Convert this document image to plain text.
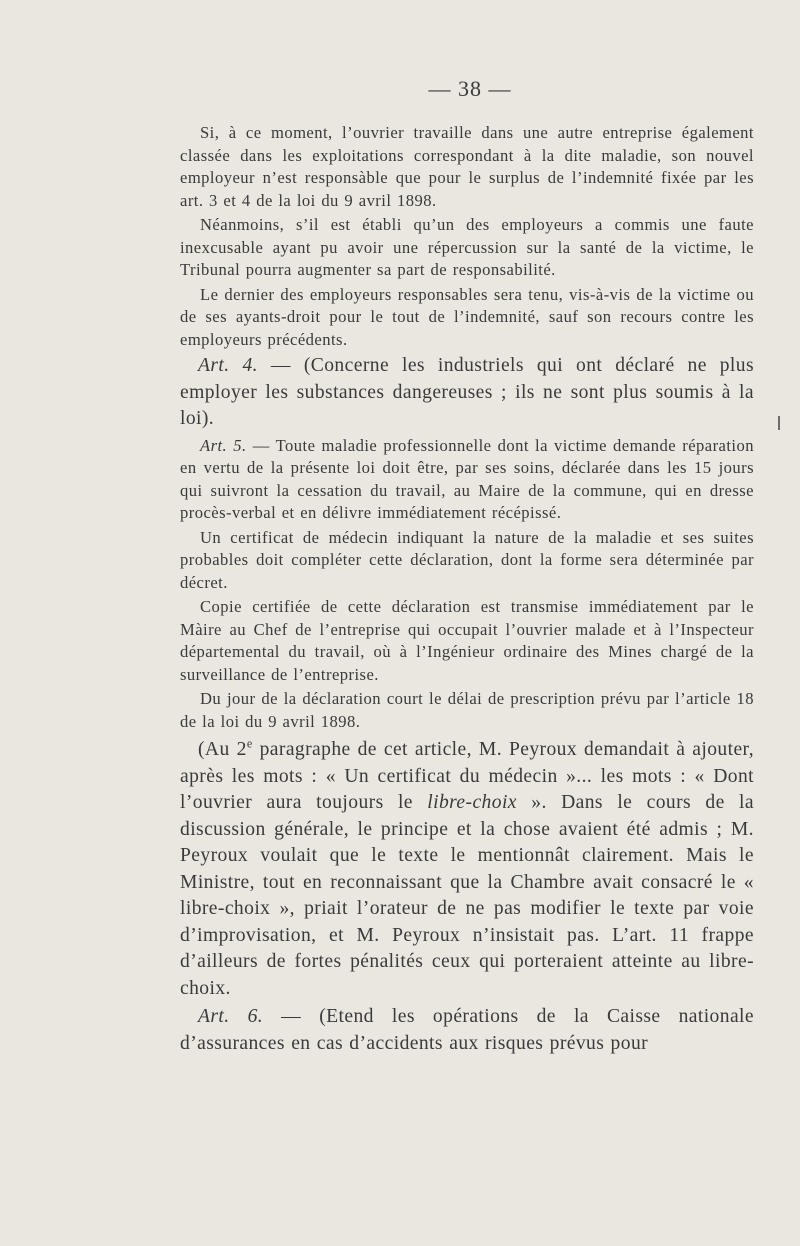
— 38 —

Si, à ce moment, l’ouvrier travaille dans une autre entreprise également classée dans les exploitations correspondant à la dite maladie, son nouvel employeur n’est responsàble que pour le surplus de l’indemnité fixée par les art. 3 et 4 de la loi du 9 avril 1898.

Néanmoins, s’il est établi qu’un des employeurs a commis une faute inexcusable ayant pu avoir une répercussion sur la santé de la victime, le Tribunal pourra augmenter sa part de responsabilité.

Le dernier des employeurs responsables sera tenu, vis-à-vis de la victime ou de ses ayants-droit pour le tout de l’indemnité, sauf son recours contre les employeurs précédents.

Art. 4. — (Concerne les industriels qui ont déclaré ne plus employer les substances dangereuses ; ils ne sont plus soumis à la loi).

Art. 5. — Toute maladie professionnelle dont la victime demande réparation en vertu de la présente loi doit être, par ses soins, déclarée dans les 15 jours qui suivront la cessation du travail, au Maire de la commune, qui en dresse procès-verbal et en délivre immédiatement récépissé.

Un certificat de médecin indiquant la nature de la maladie et ses suites probables doit compléter cette déclaration, dont la forme sera déterminée par décret.

Copie certifiée de cette déclaration est transmise immédiatement par le Màire au Chef de l’entreprise qui occupait l’ouvrier malade et à l’Inspecteur départemental du travail, où à l’Ingénieur ordinaire des Mines chargé de la surveillance de l’entreprise.

Du jour de la déclaration court le délai de prescription prévu par l’article 18 de la loi du 9 avril 1898.

(Au 2e paragraphe de cet article, M. Peyroux demandait à ajouter, après les mots : « Un certificat du médecin »... les mots : « Dont l’ouvrier aura toujours le libre-choix ». Dans le cours de la discussion générale, le principe et la chose avaient été admis ; M. Peyroux voulait que le texte le mentionnât clairement. Mais le Ministre, tout en reconnaissant que la Chambre avait consacré le « libre-choix », priait l’orateur de ne pas modifier le texte par voie d’improvisation, et M. Peyroux n’insistait pas. L’art. 11 frappe d’ailleurs de fortes pénalités ceux qui porteraient atteinte au libre-choix.

Art. 6. — (Etend les opérations de la Caisse nationale d’assurances en cas d’accidents aux risques prévus pour
